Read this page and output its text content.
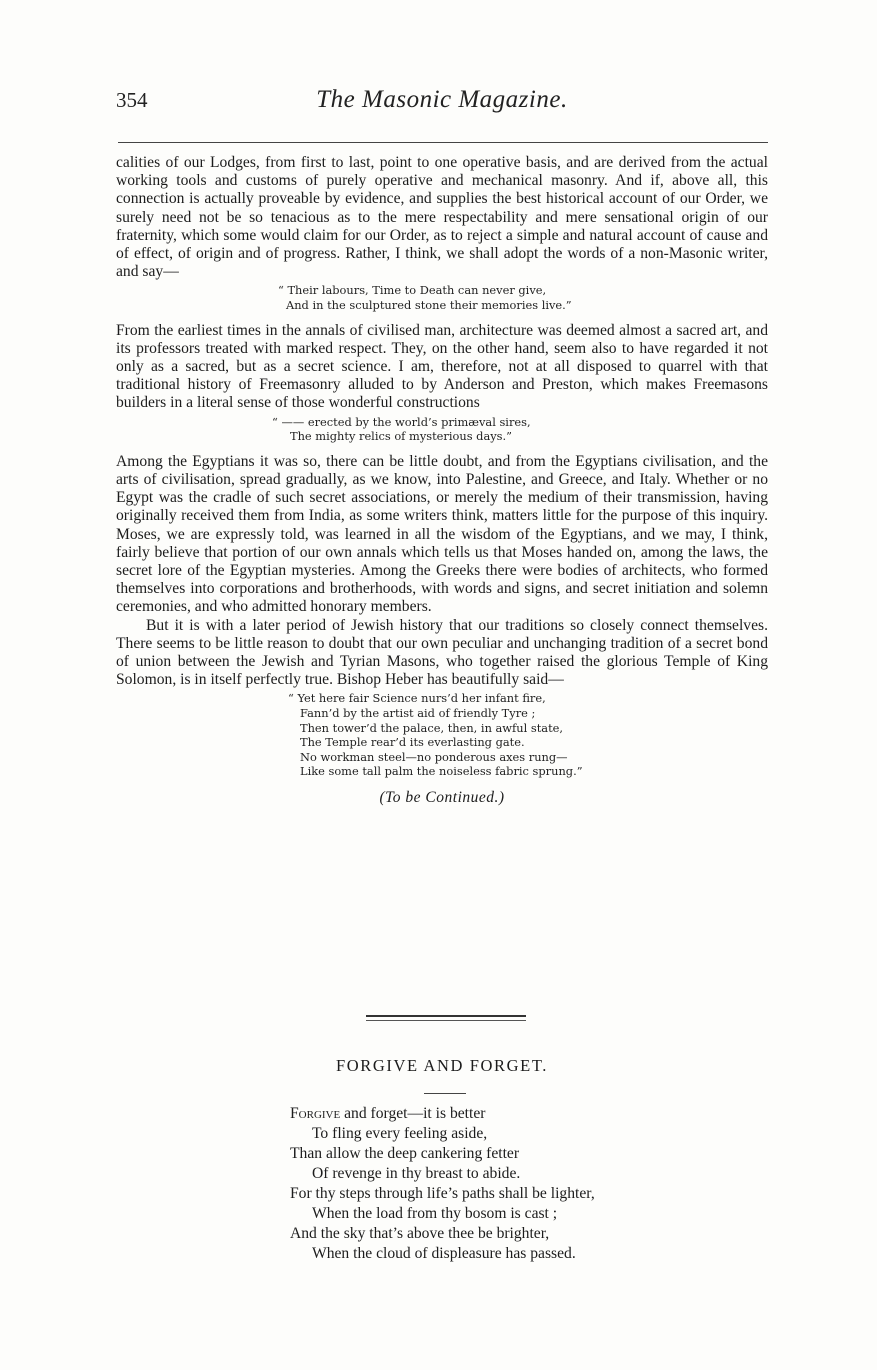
354	The Masonic Magazine.

calities of our Lodges, from first to last, point to one operative basis, and are derived from the actual working tools and customs of purely operative and mechanical masonry. And if, above all, this connection is actually proveable by evidence, and supplies the best historical account of our Order, we surely need not be so tenacious as to the mere respectability and mere sensational origin of our fraternity, which some would claim for our Order, as to reject a simple and natural account of cause and of effect, of origin and of progress. Rather, I think, we shall adopt the words of a non-Masonic writer, and say—

“ Their labours, Time to Death can never give,
And in the sculptured stone their memories live.”

From the earliest times in the annals of civilised man, architecture was deemed almost a sacred art, and its professors treated with marked respect. They, on the other hand, seem also to have regarded it not only as a sacred, but as a secret science. I am, therefore, not at all disposed to quarrel with that traditional history of Freemasonry alluded to by Anderson and Preston, which makes Freemasons builders in a literal sense of those wonderful constructions

“ —— erected by the world’s primæval sires,
The mighty relics of mysterious days.”

Among the Egyptians it was so, there can be little doubt, and from the Egyptians civilisation, and the arts of civilisation, spread gradually, as we know, into Palestine, and Greece, and Italy. Whether or no Egypt was the cradle of such secret associations, or merely the medium of their transmission, having originally received them from India, as some writers think, matters little for the purpose of this inquiry. Moses, we are expressly told, was learned in all the wisdom of the Egyptians, and we may, I think, fairly believe that portion of our own annals which tells us that Moses handed on, among the laws, the secret lore of the Egyptian mysteries. Among the Greeks there were bodies of architects, who formed themselves into corporations and brotherhoods, with words and signs, and secret initiation and solemn ceremonies, and who admitted honorary members.

But it is with a later period of Jewish history that our traditions so closely connect themselves. There seems to be little reason to doubt that our own peculiar and unchanging tradition of a secret bond of union between the Jewish and Tyrian Masons, who together raised the glorious Temple of King Solomon, is in itself perfectly true. Bishop Heber has beautifully said—

“ Yet here fair Science nurs’d her infant fire,
Fann’d by the artist aid of friendly Tyre ;
Then tower’d the palace, then, in awful state,
The Temple rear’d its everlasting gate.
No workman steel—no ponderous axes rung—
Like some tall palm the noiseless fabric sprung.”
(To be Continued.)
FORGIVE AND FORGET.
Forgive and forget—it is better
To fling every feeling aside,
Than allow the deep cankering fetter
Of revenge in thy breast to abide.
For thy steps through life’s paths shall be lighter,
When the load from thy bosom is cast ;
And the sky that’s above thee be brighter,
When the cloud of displeasure has passed.
